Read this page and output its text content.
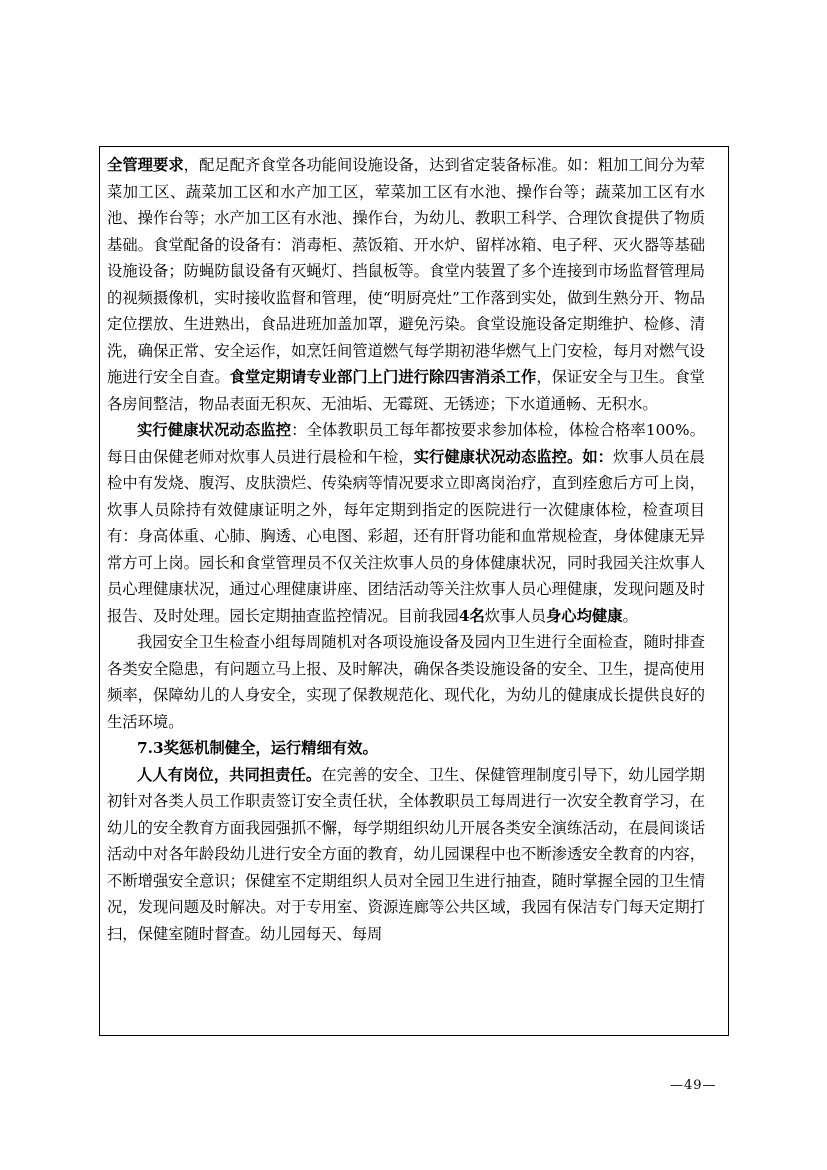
全管理要求，配足配齐食堂各功能间设施设备，达到省定装备标准。如：粗加工间分为荤菜加工区、蔬菜加工区和水产加工区，荤菜加工区有水池、操作台等；蔬菜加工区有水池、操作台等；水产加工区有水池、操作台，为幼儿、教职工科学、合理饮食提供了物质基础。食堂配备的设备有：消毒柜、蒸饭箱、开水炉、留样冰箱、电子秤、灭火器等基础设施设备；防蝇防鼠设备有灭蝇灯、挡鼠板等。食堂内装置了多个连接到市场监督管理局的视频摄像机，实时接收监督和管理，使“明厨亮灶”工作落到实处，做到生熟分开、物品定位摆放、生进熟出，食品进班加盖加罩，避免污染。食堂设施设备定期维护、检修、清洗，确保正常、安全运作，如烹饪间管道燃气每学期初港华燃气上门安检，每月对燃气设施进行安全自查。食堂定期请专业部门上门进行除四害消杀工作，保证安全与卫生。食堂各房间整洁，物品表面无积灰、无油垢、无霉斑、无锈迹；下水道通畅、无积水。

实行健康状况动态监控：全体教职员工每年都按要求参加体检，体检合格率100%。每日由保健老师对炊事人员进行晨检和午检，实行健康状况动态监控。如：炊事人员在晨检中有发烧、腹泻、皮肤溃烂、传染病等情况要求立即离岗治疗，直到痊愈后方可上岗，炊事人员除持有效健康证明之外，每年定期到指定的医院进行一次健康体检，检查项目有：身高体重、心肺、胸透、心电图、彩超，还有肝肾功能和血常规检查，身体健康无异常方可上岗。园长和食堂管理员不仅关注炊事人员的身体健康状况，同时我园关注炊事人员心理健康状况，通过心理健康讲座、团结活动等关注炊事人员心理健康，发现问题及时报告、及时处理。园长定期抽查监控情况。目前我园4名炊事人员身心均健康。

我园安全卫生检查小组每周随机对各项设施设备及园内卫生进行全面检查，随时排查各类安全隐患，有问题立马上报、及时解决，确保各类设施设备的安全、卫生，提高使用频率，保障幼儿的人身安全，实现了保教规范化、现代化，为幼儿的健康成长提供良好的生活环境。

7.3奖惩机制健全，运行精细有效。

人人有岗位，共同担责任。在完善的安全、卫生、保健管理制度引导下，幼儿园学期初针对各类人员工作职责签订安全责任状，全体教职员工每周进行一次安全教育学习，在幼儿的安全教育方面我园强抓不懈，每学期组织幼儿开展各类安全演练活动，在晨间谈话活动中对各年龄段幼儿进行安全方面的教育，幼儿园课程中也不断渗透安全教育的内容，不断增强安全意识；保健室不定期组织人员对全园卫生进行抽查，随时掌握全园的卫生情况，发现问题及时解决。对于专用室、资源连廊等公共区域，我园有保洁专门每天定期打扫，保健室随时督查。幼儿园每天、每周

—49—
